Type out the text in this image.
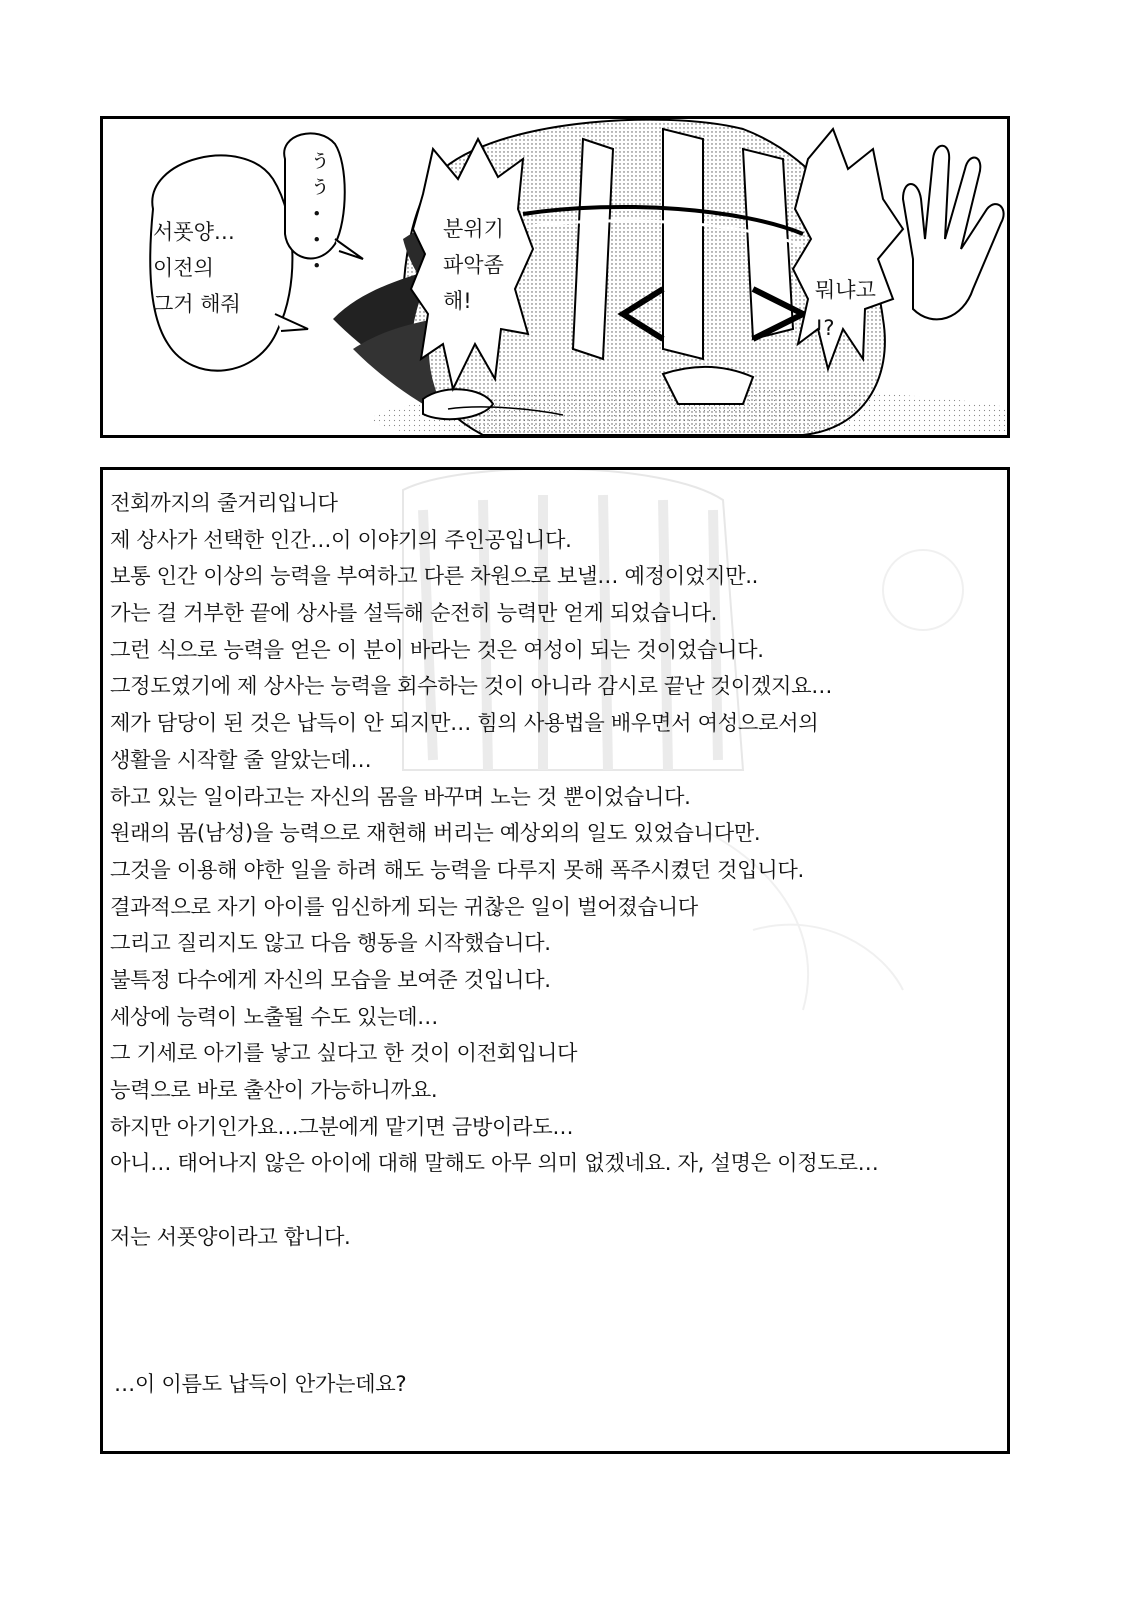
서폿양…
이전의
그거 해줘
ぅぅ・・・	분위기
파악좀
해!	뭐냐고
!?
전회까지의 줄거리입니다
제 상사가 선택한 인간…이 이야기의 주인공입니다.
보통 인간 이상의 능력을 부여하고 다른 차원으로 보낼… 예정이었지만..
가는 걸 거부한 끝에 상사를 설득해 순전히 능력만 얻게 되었습니다.
그런 식으로 능력을 얻은 이 분이 바라는 것은 여성이 되는 것이었습니다.
그정도였기에 제 상사는 능력을 회수하는 것이 아니라 감시로 끝난 것이겠지요…
제가 담당이 된 것은 납득이 안 되지만… 힘의 사용법을 배우면서 여성으로서의
생활을 시작할 줄 알았는데…
하고 있는 일이라고는 자신의 몸을 바꾸며 노는 것 뿐이었습니다.
원래의 몸(남성)을 능력으로 재현해 버리는 예상외의 일도 있었습니다만.
그것을 이용해 야한 일을 하려 해도 능력을 다루지 못해 폭주시켰던 것입니다.
결과적으로 자기 아이를 임신하게 되는 귀찮은 일이 벌어졌습니다
그리고 질리지도 않고 다음 행동을 시작했습니다.
불특정 다수에게 자신의 모습을 보여준 것입니다.
세상에 능력이 노출될 수도 있는데…
그 기세로 아기를 낳고 싶다고 한 것이 이전회입니다
능력으로 바로 출산이 가능하니까요.
하지만 아기인가요…그분에게 맡기면 금방이라도…
아니… 태어나지 않은 아이에 대해 말해도 아무 의미 없겠네요. 자, 설명은 이정도로…
저는 서폿양이라고 합니다.
…이 이름도 납득이 안가는데요?
